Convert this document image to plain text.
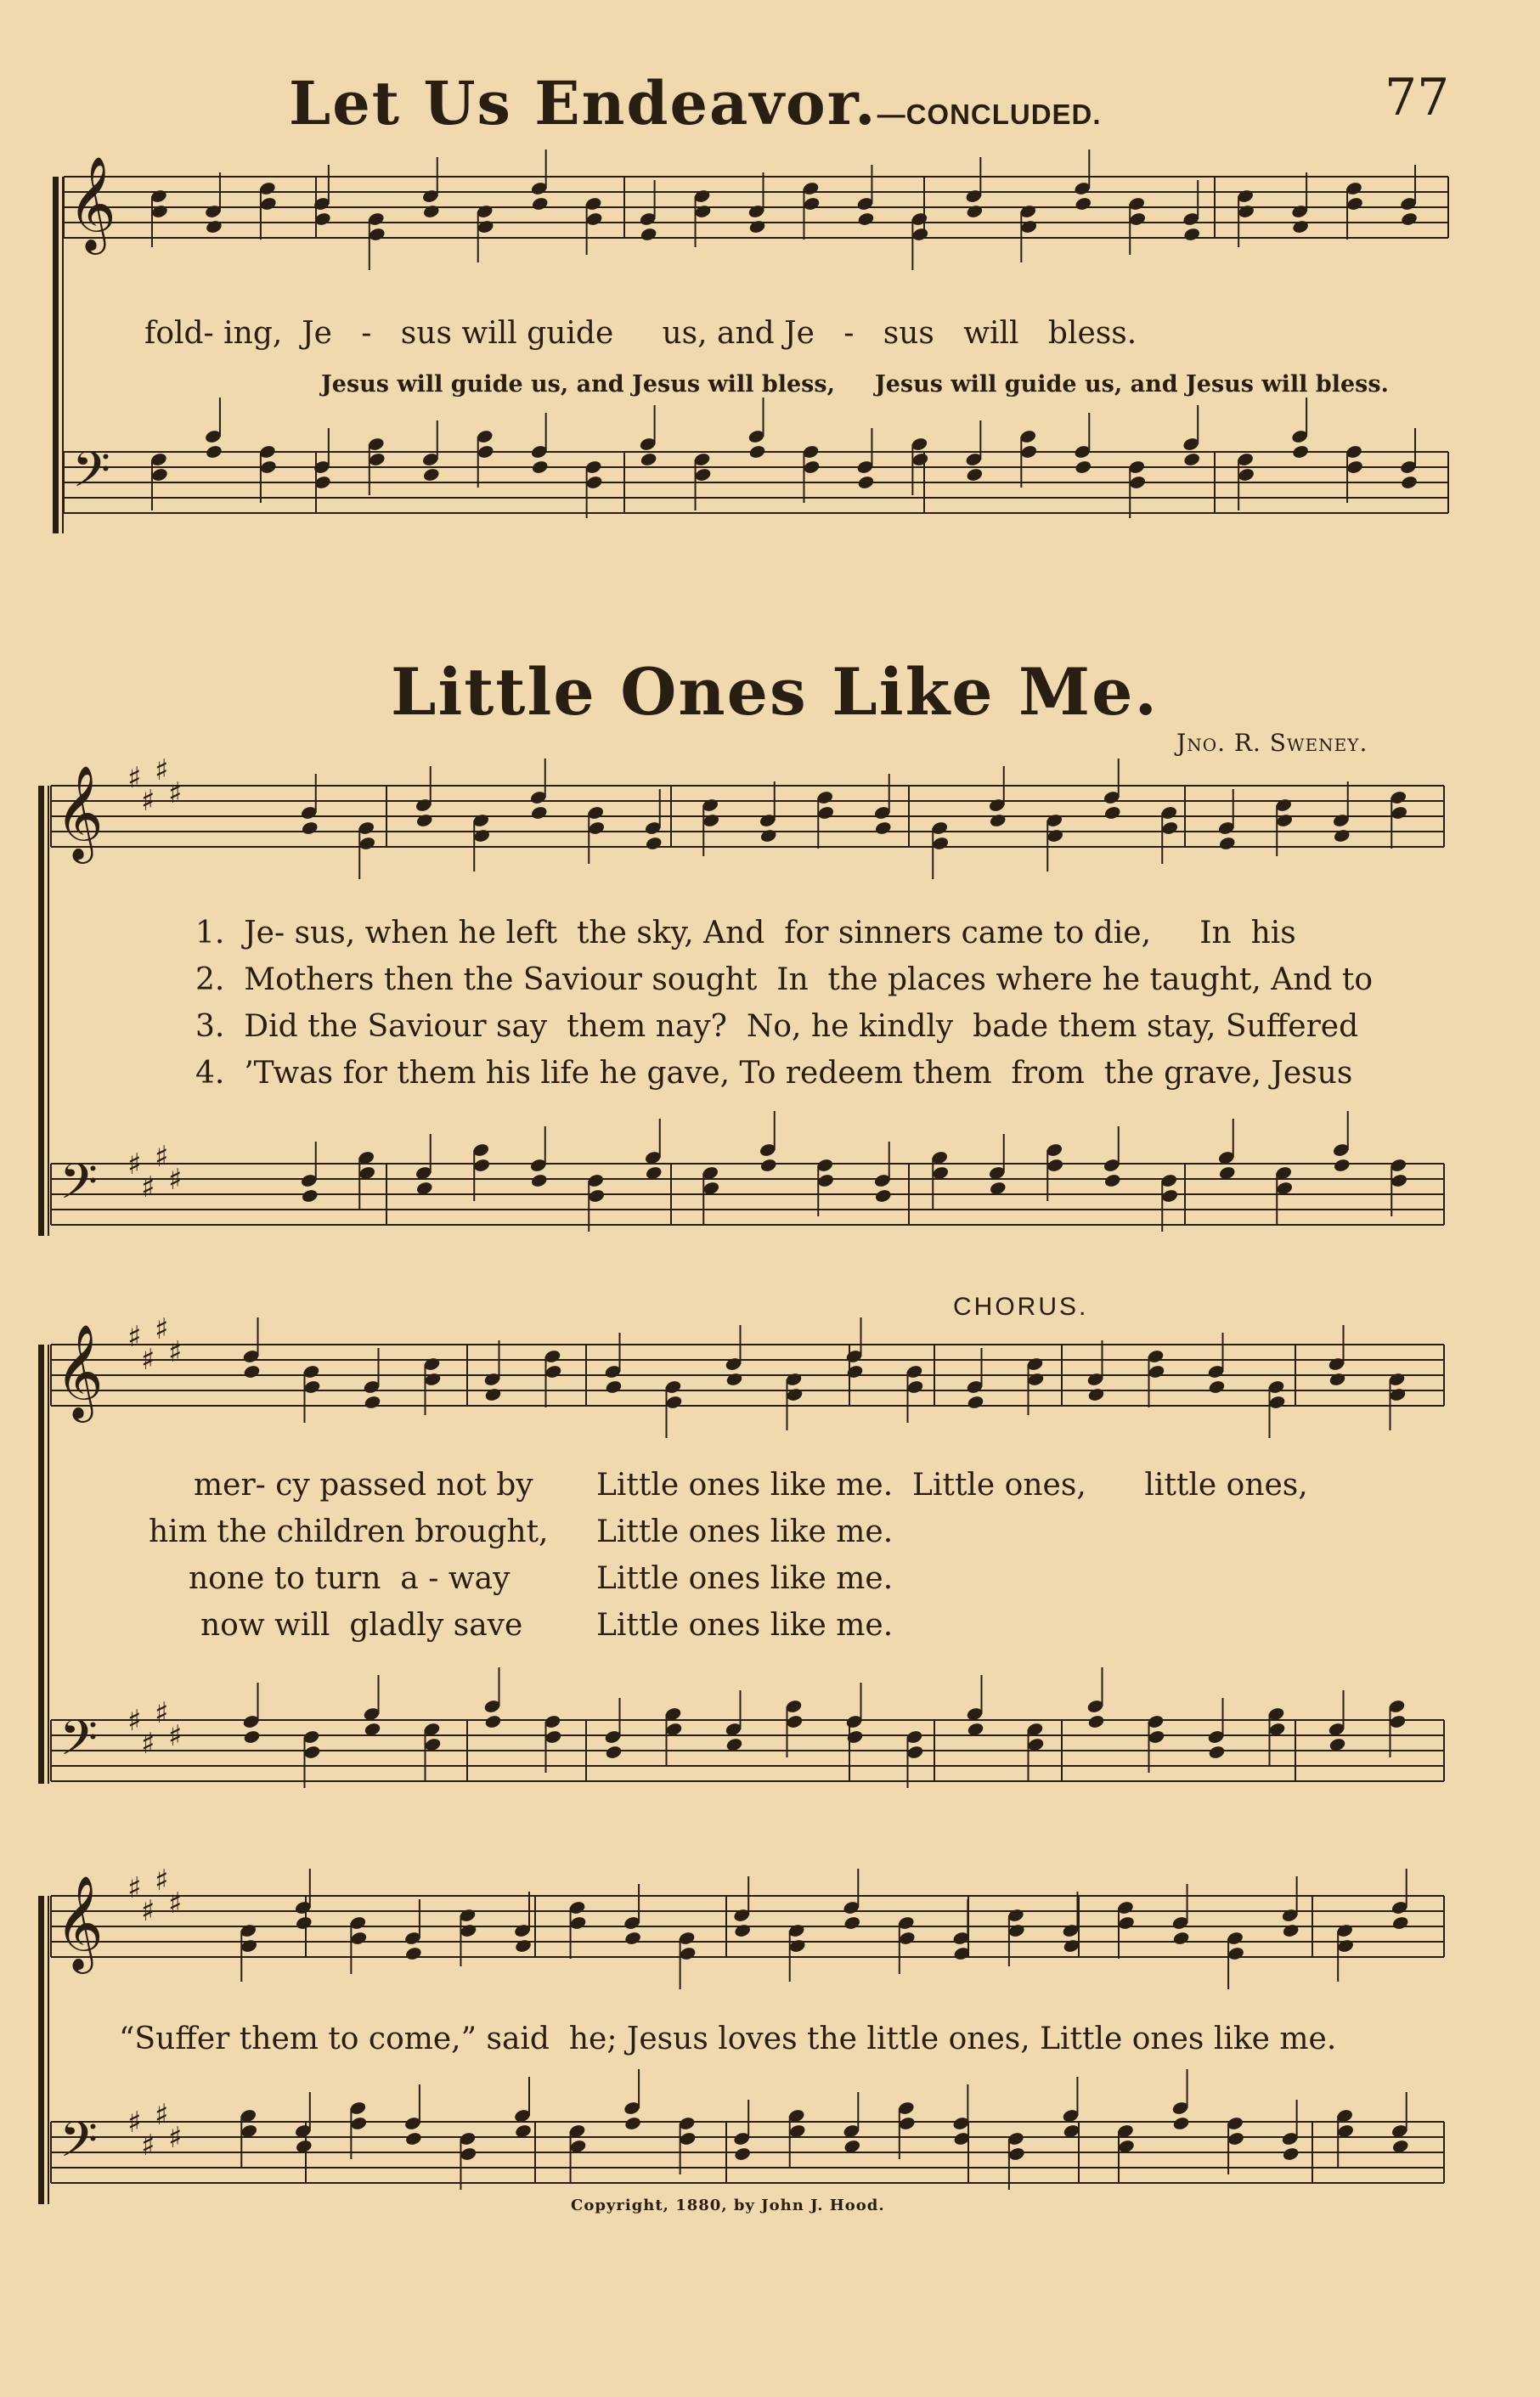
𝄞
𝄢
𝄞 ♯
♯
♯
♯
𝄢 ♯
♯
♯
♯
𝄞 ♯
♯
♯
♯
𝄢 ♯
♯
♯
♯
𝄞 ♯
♯
♯
♯
𝄢 ♯
♯
♯
♯
Let Us Endeavor.—CONCLUDED.	77
fold- ing,  Je   -   sus will guide     us, and Je   -   sus   will   bless.
Jesus will guide us, and Jesus will bless,     Jesus will guide us, and Jesus will bless.
Little Ones Like Me.
Jno. R. Sweney.
1.  Je- sus, when he left  the sky, And  for sinners came to die,     In  his
2.  Mothers then the Saviour sought  In  the places where he taught, And to
3.  Did the Saviour say  them nay?  No, he kindly  bade them stay, Suffered
4.  ’Twas for them his life he gave, To redeem them  from  the grave, Jesus
CHORUS.
mer- cy passed not by
him the children brought,
none to turn  a - way
now will  gladly save
Little ones like me.  Little ones,      little ones,
Little ones like me.
Little ones like me.
Little ones like me.
“Suffer them to come,” said  he; Jesus loves the little ones, Little ones like me.
Copyright, 1880, by John J. Hood.
